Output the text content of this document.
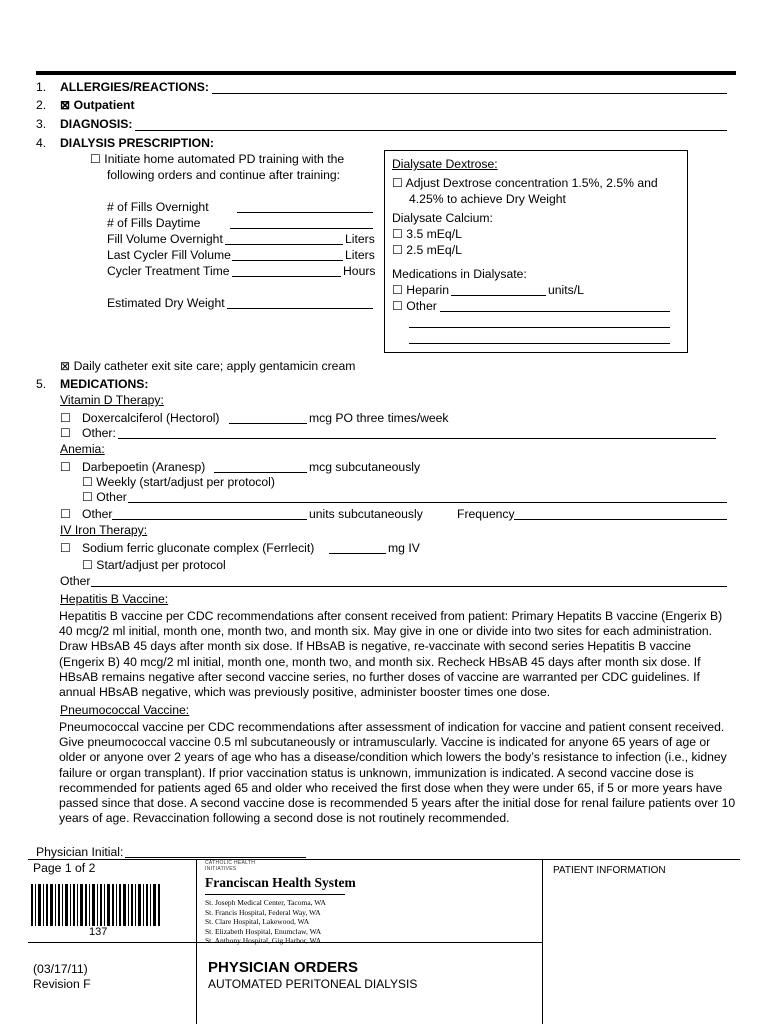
1. ALLERGIES/REACTIONS:
2. ⊠ Outpatient
3. DIAGNOSIS:
4. DIALYSIS PRESCRIPTION:
☐ Initiate home automated PD training with the
following orders and continue after training:
# of Fills Overnight
# of Fills Daytime
Fill Volume Overnight	Liters
Last Cycler Fill Volume	Liters
Cycler Treatment Time	Hours
Estimated Dry Weight
Dialysate Dextrose:
☐ Adjust Dextrose concentration 1.5%, 2.5% and
4.25% to achieve Dry Weight
Dialysate Calcium:
☐ 3.5 mEq/L
☐ 2.5 mEq/L
Medications in Dialysate:
☐ Heparin	units/L
☐ Other
⊠ Daily catheter exit site care; apply gentamicin cream
5. MEDICATIONS:
Vitamin D Therapy:
☐ Doxercalciferol (Hectorol)	mcg PO three times/week
☐ Other:
Anemia:
☐ Darbepoetin (Aranesp)	mcg subcutaneously
☐ Weekly (start/adjust per protocol)
☐ Other
☐ Other	units subcutaneously	Frequency
IV Iron Therapy:
☐ Sodium ferric gluconate complex (Ferrlecit)	mg IV
☐ Start/adjust per protocol
Other
Hepatitis B Vaccine:
Hepatitis B vaccine per CDC recommendations after consent received from patient: Primary Hepatits B vaccine (Engerix B) 40 mcg/2 ml initial, month one, month two, and month six. May give in one or divide into two sites for each administration. Draw HBsAB 45 days after month six dose. If HBsAB is negative, re-vaccinate with second series Hepatitis B vaccine (Engerix B) 40 mcg/2 ml initial, month one, month two, and month six. Recheck HBsAB 45 days after month six dose. If HBsAB remains negative after second vaccine series, no further doses of vaccine are warranted per CDC guidelines. If annual HBsAB negative, which was previously positive, administer booster times one dose.
Pneumococcal Vaccine:
Pneumococcal vaccine per CDC recommendations after assessment of indication for vaccine and patient consent received. Give pneumococcal vaccine 0.5 ml subcutaneously or intramuscularly. Vaccine is indicated for anyone 65 years of age or older or anyone over 2 years of age who has a disease/condition which lowers the body’s resistance to infection (i.e., kidney failure or organ transplant). If prior vaccination status is unknown, immunization is indicated. A second vaccine dose is recommended for patients aged 65 and older who received the first dose when they were under 65, if 5 or more years have passed since that dose. A second vaccine dose is recommended 5 years after the initial dose for renal failure patients over 10 years of age. Revaccination following a second dose is not routinely recommended.
Physician Initial:
Page 1 of 2
137
(03/17/11)
Revision F
CATHOLIC HEALTH
INITIATIVES
Franciscan Health System
St. Joseph Medical Center, Tacoma, WA
St. Francis Hospital, Federal Way, WA
St. Clare Hospital, Lakewood, WA
St. Elizabeth Hospital, Enumclaw, WA
St. Anthony Hospital, Gig Harbor, WA
PHYSICIAN ORDERS
AUTOMATED PERITONEAL DIALYSIS
PATIENT INFORMATION
